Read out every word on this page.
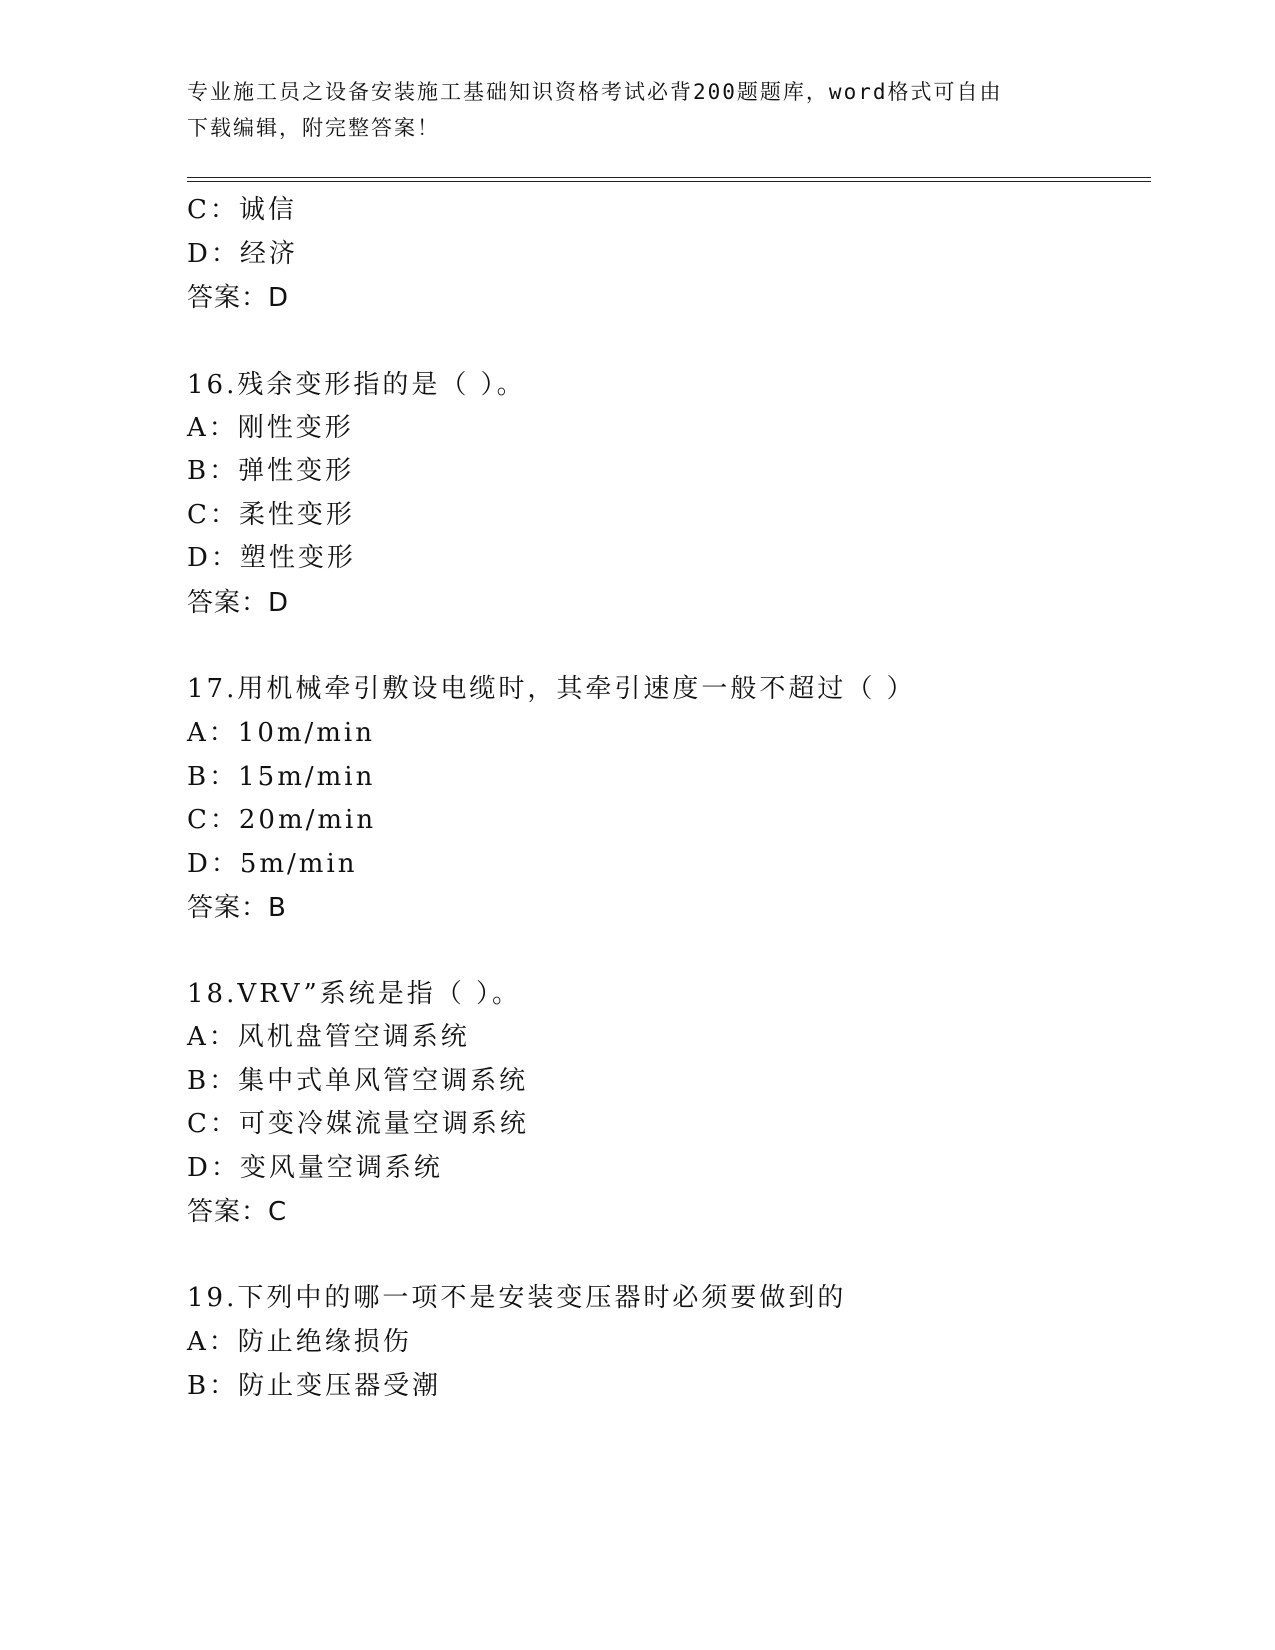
专业施工员之设备安装施工基础知识资格考试必背200题题库，word格式可自由
下载编辑，附完整答案！
C：诚信
D：经济
答案：D
16.残余变形指的是（ ）。
A：刚性变形
B：弹性变形
C：柔性变形
D：塑性变形
答案：D
17.用机械牵引敷设电缆时，其牵引速度一般不超过（ ）
A：10m/min
B：15m/min
C：20m/min
D：5m/min
答案：B
18.VRV”系统是指（ ）。
A：风机盘管空调系统
B：集中式单风管空调系统
C：可变冷媒流量空调系统
D：变风量空调系统
答案：C
19.下列中的哪一项不是安装变压器时必须要做到的
A：防止绝缘损伤
B：防止变压器受潮
